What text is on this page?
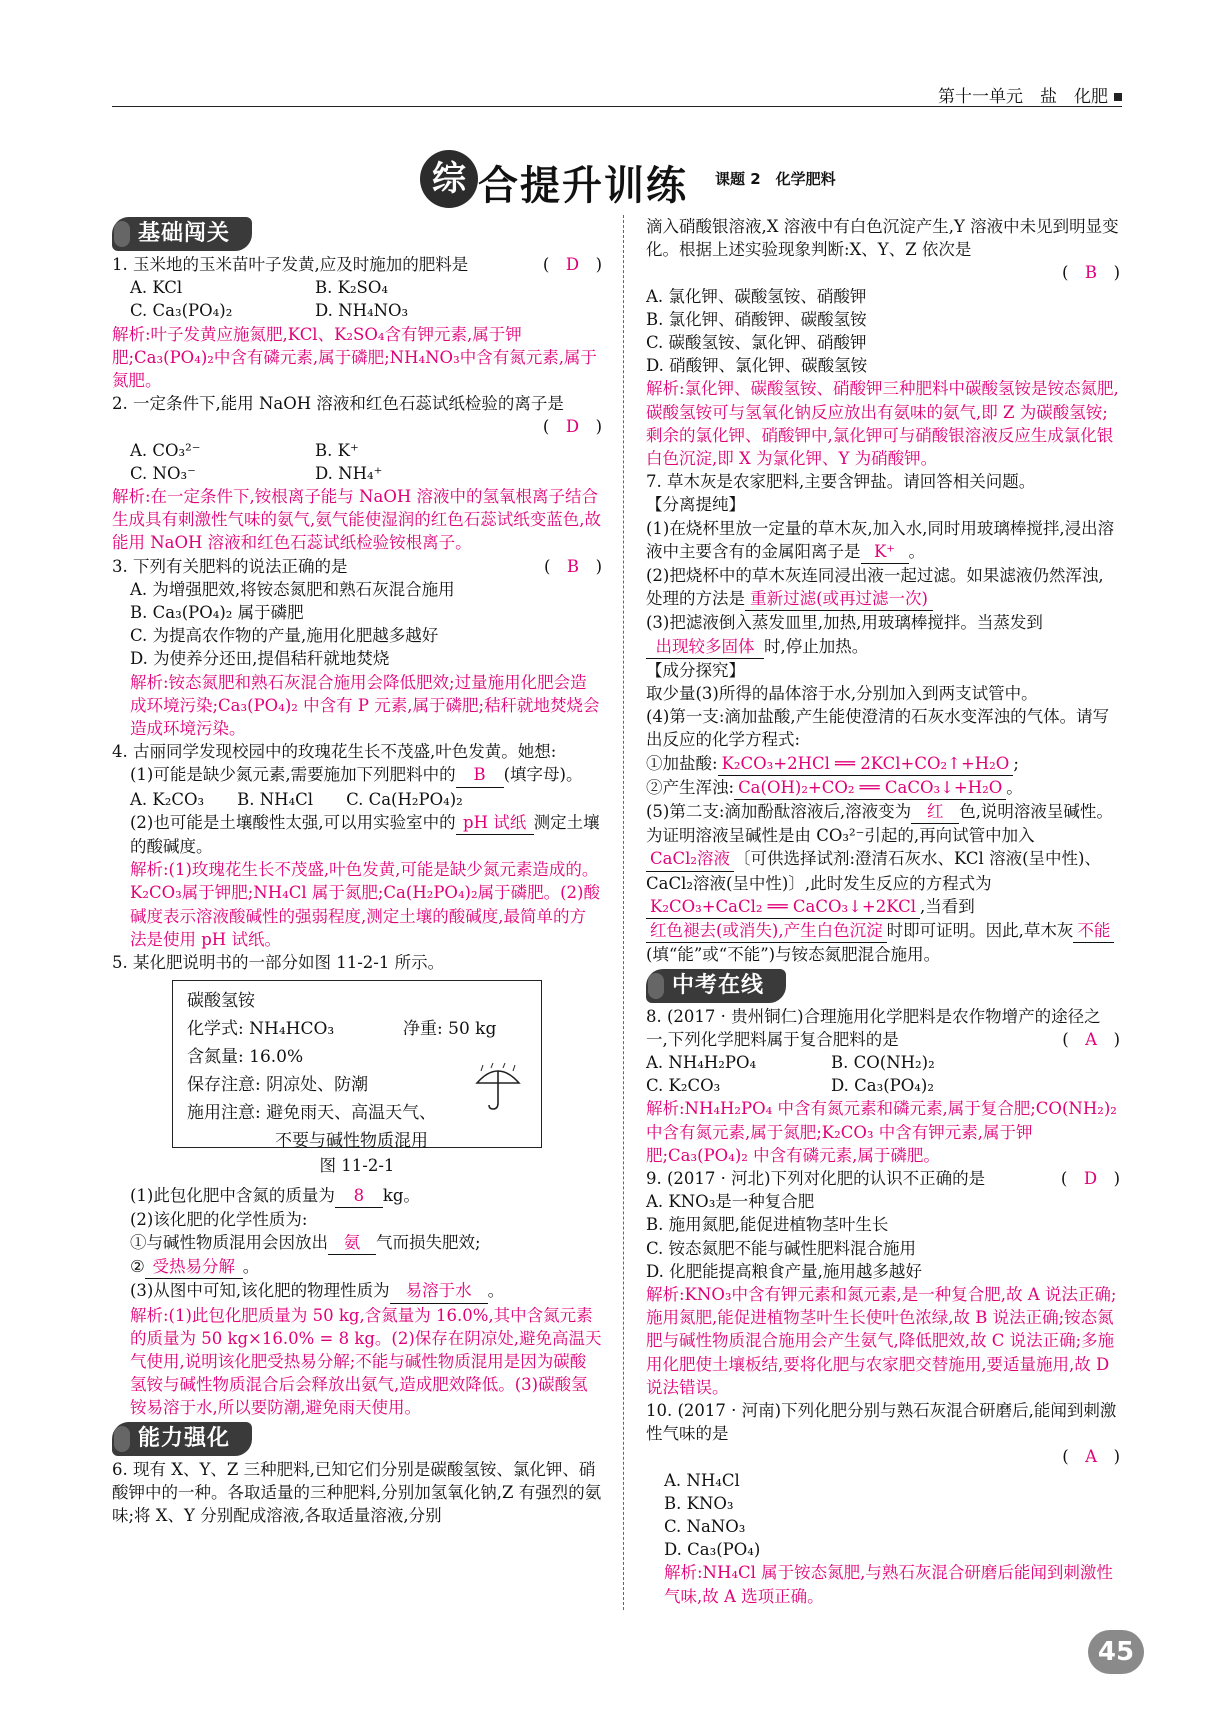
第十一单元　盐　化肥
综 合提升训练 课题 2　化学肥料
基础闯关
1. 玉米地的玉米苗叶子发黄,应及时施加的肥料是	(　D　)
A. KCl	B. K₂SO₄
C. Ca₃(PO₄)₂	D. NH₄NO₃
解析:叶子发黄应施氮肥,KCl、K₂SO₄含有钾元素,属于钾肥;Ca₃(PO₄)₂中含有磷元素,属于磷肥;NH₄NO₃中含有氮元素,属于氮肥。
2. 一定条件下,能用 NaOH 溶液和红色石蕊试纸检验的离子是
(　D　)
A. CO₃²⁻	B. K⁺
C. NO₃⁻	D. NH₄⁺
解析:在一定条件下,铵根离子能与 NaOH 溶液中的氢氧根离子结合生成具有刺激性气味的氨气,氨气能使湿润的红色石蕊试纸变蓝色,故能用 NaOH 溶液和红色石蕊试纸检验铵根离子。
3. 下列有关肥料的说法正确的是	(　B　)
A. 为增强肥效,将铵态氮肥和熟石灰混合施用
B. Ca₃(PO₄)₂ 属于磷肥
C. 为提高农作物的产量,施用化肥越多越好
D. 为使养分还田,提倡秸秆就地焚烧
解析:铵态氮肥和熟石灰混合施用会降低肥效;过量施用化肥会造成环境污染;Ca₃(PO₄)₂ 中含有 P 元素,属于磷肥;秸秆就地焚烧会造成环境污染。
4. 古丽同学发现校园中的玫瑰花生长不茂盛,叶色发黄。她想:
(1)可能是缺少氮元素,需要施加下列肥料中的 B (填字母)。
A. K₂CO₃　　B. NH₄Cl　　C. Ca(H₂PO₄)₂
(2)也可能是土壤酸性太强,可以用实验室中的 pH 试纸 测定土壤的酸碱度。
解析:(1)玫瑰花生长不茂盛,叶色发黄,可能是缺少氮元素造成的。K₂CO₃属于钾肥;NH₄Cl 属于氮肥;Ca(H₂PO₄)₂属于磷肥。(2)酸碱度表示溶液酸碱性的强弱程度,测定土壤的酸碱度,最简单的方法是使用 pH 试纸。
5. 某化肥说明书的一部分如图 11-2-1 所示。
碳酸氢铵
化学式: NH₄HCO₃	净重: 50 kg
含氮量: 16.0%
保存注意: 阴凉处、防潮
施用注意: 避免雨天、高温天气、
不要与碱性物质混用
图 11-2-1
(1)此包化肥中含氮的质量为 8 kg。
(2)该化肥的化学性质为:
①与碱性物质混用会因放出 氨 气而损失肥效;
② 受热易分解 。
(3)从图中可知,该化肥的物理性质为 易溶于水 。
解析:(1)此包化肥质量为 50 kg,含氮量为 16.0%,其中含氮元素的质量为 50 kg×16.0% = 8 kg。(2)保存在阴凉处,避免高温天气使用,说明该化肥受热易分解;不能与碱性物质混用是因为碳酸氢铵与碱性物质混合后会释放出氨气,造成肥效降低。(3)碳酸氢铵易溶于水,所以要防潮,避免雨天使用。
能力强化
6. 现有 X、Y、Z 三种肥料,已知它们分别是碳酸氢铵、氯化钾、硝酸钾中的一种。各取适量的三种肥料,分别加氢氧化钠,Z 有强烈的氨味;将 X、Y 分别配成溶液,各取适量溶液,分别
滴入硝酸银溶液,X 溶液中有白色沉淀产生,Y 溶液中未见到明显变化。根据上述实验现象判断:X、Y、Z 依次是
(　B　)
A. 氯化钾、碳酸氢铵、硝酸钾
B. 氯化钾、硝酸钾、碳酸氢铵
C. 碳酸氢铵、氯化钾、硝酸钾
D. 硝酸钾、氯化钾、碳酸氢铵
解析:氯化钾、碳酸氢铵、硝酸钾三种肥料中碳酸氢铵是铵态氮肥,碳酸氢铵可与氢氧化钠反应放出有氨味的氨气,即 Z 为碳酸氢铵;剩余的氯化钾、硝酸钾中,氯化钾可与硝酸银溶液反应生成氯化银白色沉淀,即 X 为氯化钾、Y 为硝酸钾。
7. 草木灰是农家肥料,主要含钾盐。请回答相关问题。
【分离提纯】
(1)在烧杯里放一定量的草木灰,加入水,同时用玻璃棒搅拌,浸出溶液中主要含有的金属阳离子是 K⁺ 。
(2)把烧杯中的草木灰连同浸出液一起过滤。如果滤液仍然浑浊,处理的方法是 重新过滤(或再过滤一次)
(3)把滤液倒入蒸发皿里,加热,用玻璃棒搅拌。当蒸发到出现较多固体 时,停止加热。
【成分探究】
取少量(3)所得的晶体溶于水,分别加入到两支试管中。
(4)第一支:滴加盐酸,产生能使澄清的石灰水变浑浊的气体。请写出反应的化学方程式:
①加盐酸: K₂CO₃+2HCl ══ 2KCl+CO₂↑+H₂O ;
②产生浑浊: Ca(OH)₂+CO₂ ══ CaCO₃↓+H₂O 。
(5)第二支:滴加酚酞溶液后,溶液变为 红 色,说明溶液呈碱性。为证明溶液呈碱性是由 CO₃²⁻引起的,再向试管中加入CaCl₂溶液 〔可供选择试剂:澄清石灰水、KCl 溶液(呈中性)、CaCl₂溶液(呈中性)〕,此时发生反应的方程式为K₂CO₃+CaCl₂ ══ CaCO₃↓+2KCl ,当看到红色褪去(或消失),产生白色沉淀 时即可证明。因此,草木灰 不能(填“能”或“不能”)与铵态氮肥混合施用。
中考在线
8. (2017 · 贵州铜仁)合理施用化学肥料是农作物增产的途径之一,下列化学肥料属于复合肥料的是	(　A　)
A. NH₄H₂PO₄	B. CO(NH₂)₂
C. K₂CO₃	D. Ca₃(PO₄)₂
解析:NH₄H₂PO₄ 中含有氮元素和磷元素,属于复合肥;CO(NH₂)₂ 中含有氮元素,属于氮肥;K₂CO₃ 中含有钾元素,属于钾肥;Ca₃(PO₄)₂ 中含有磷元素,属于磷肥。
9. (2017 · 河北)下列对化肥的认识不正确的是	(　D　)
A. KNO₃是一种复合肥
B. 施用氮肥,能促进植物茎叶生长
C. 铵态氮肥不能与碱性肥料混合施用
D. 化肥能提高粮食产量,施用越多越好
解析:KNO₃中含有钾元素和氮元素,是一种复合肥,故 A 说法正确;施用氮肥,能促进植物茎叶生长使叶色浓绿,故 B 说法正确;铵态氮肥与碱性物质混合施用会产生氨气,降低肥效,故 C 说法正确;多施用化肥使土壤板结,要将化肥与农家肥交替施用,要适量施用,故 D 说法错误。
10. (2017 · 河南)下列化肥分别与熟石灰混合研磨后,能闻到刺激性气味的是
(　A　)
A. NH₄Cl
B. KNO₃
C. NaNO₃
D. Ca₃(PO₄)
解析:NH₄Cl 属于铵态氮肥,与熟石灰混合研磨后能闻到刺激性气味,故 A 选项正确。
45
